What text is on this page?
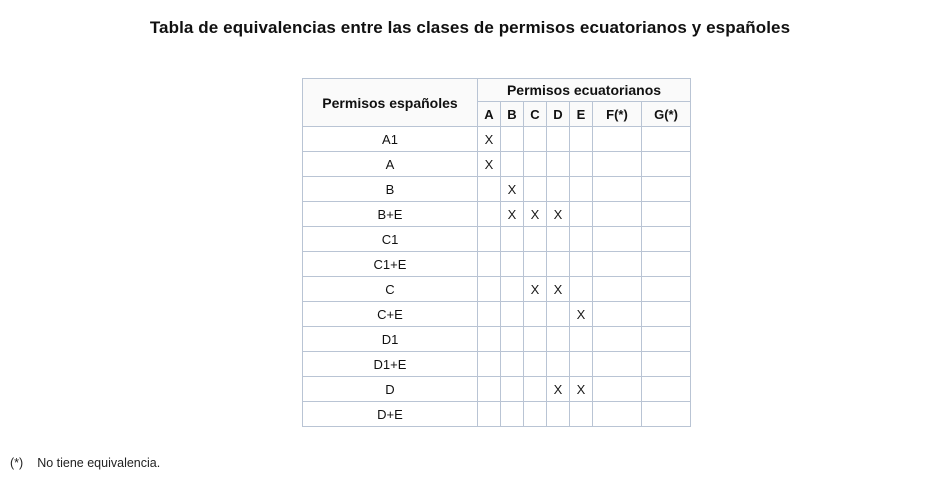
Tabla de equivalencias entre las clases de permisos ecuatorianos y españoles
Permisos españoles	Permisos ecuatorianos						
	A	B	C	D	E	F(*)	G(*)
A1	X						
A	X						
B		X					
B+E		X	X	X			
C1							
C1+E							
C			X	X			
C+E					X		
D1							
D1+E							
D				X	X		
D+E							
(*) No tiene equivalencia.
